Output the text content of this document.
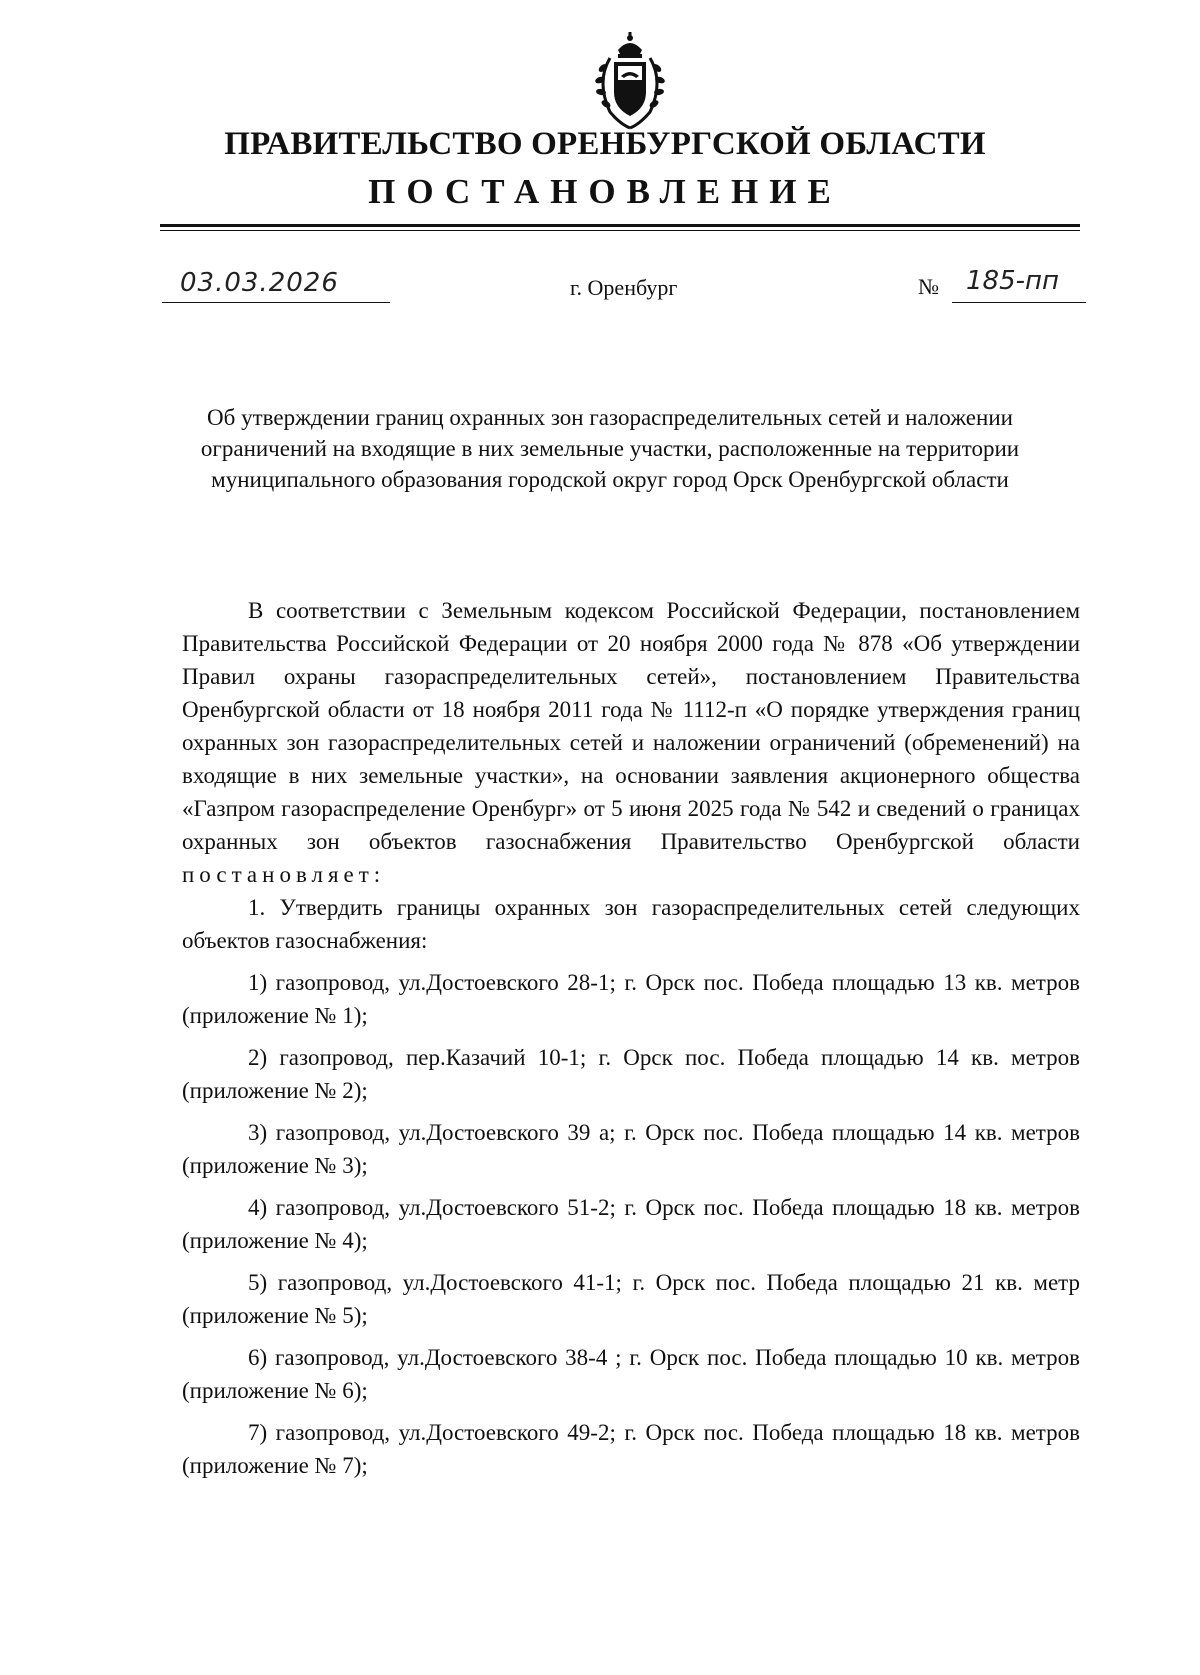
ПРАВИТЕЛЬСТВО ОРЕНБУРГСКОЙ ОБЛАСТИ
ПОСТАНОВЛЕНИЕ
03.03.2026	г. Оренбург	№ 185-пп
Об утверждении границ охранных зон газораспределительных сетей и наложении ограничений на входящие в них земельные участки, расположенные на территории муниципального образования городской округ город Орск Оренбургской области

В соответствии с Земельным кодексом Российской Федерации, постановлением Правительства Российской Федерации от 20 ноября 2000 года № 878 «Об утверждении Правил охраны газораспределительных сетей», постановлением Правительства Оренбургской области от 18 ноября 2011 года № 1112-п «О порядке утверждения границ охранных зон газораспределительных сетей и наложении ограничений (обременений) на входящие в них земельные участки», на основании заявления акционерного общества «Газпром газораспределение Оренбург» от 5 июня 2025 года № 542 и сведений о границах охранных зон объектов газоснабжения Правительство Оренбургской области постановляет:

1. Утвердить границы охранных зон газораспределительных сетей следующих объектов газоснабжения:

1) газопровод, ул.Достоевского 28-1; г. Орск пос. Победа площадью 13 кв. метров (приложение № 1);

2) газопровод, пер.Казачий 10-1; г. Орск пос. Победа площадью 14 кв. метров (приложение № 2);

3) газопровод, ул.Достоевского 39 а; г. Орск пос. Победа площадью 14 кв. метров (приложение № 3);

4) газопровод, ул.Достоевского 51-2; г. Орск пос. Победа площадью 18 кв. метров (приложение № 4);

5) газопровод, ул.Достоевского 41-1; г. Орск пос. Победа площадью 21 кв. метр (приложение № 5);

6) газопровод, ул.Достоевского 38-4 ; г. Орск пос. Победа площадью 10 кв. метров (приложение № 6);

7) газопровод, ул.Достоевского 49-2; г. Орск пос. Победа площадью 18 кв. метров (приложение № 7);
